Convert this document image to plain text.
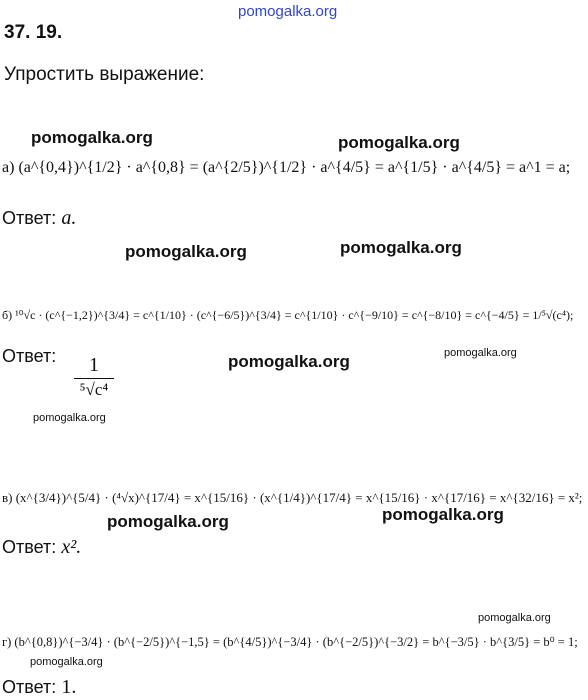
pomogalka.org
37. 19.
Упростить выражение:
pomogalka.org	pomogalka.org
а) (a^{0,4})^{1/2} · a^{0,8} = (a^{2/5})^{1/2} · a^{4/5} = a^{1/5} · a^{4/5} = a^1 = a;
Ответ: a.
pomogalka.org	pomogalka.org
б) ¹⁰√c · (c^{−1,2})^{3/4} = c^{1/10} · (c^{−6/5})^{3/4} = c^{1/10} · c^{−9/10} = c^{−8/10} = c^{−4/5} = 1/⁵√(c⁴);
pomogalka.org
pomogalka.org
Ответ:	1
⁵√c⁴
pomogalka.org
в) (x^{3/4})^{5/4} · (⁴√x)^{17/4} = x^{15/16} · (x^{1/4})^{17/4} = x^{15/16} · x^{17/16} = x^{32/16} = x²;
pomogalka.org	pomogalka.org
Ответ: x².
pomogalka.org
г) (b^{0,8})^{−3/4} · (b^{−2/5})^{−1,5} = (b^{4/5})^{−3/4} · (b^{−2/5})^{−3/2} = b^{−3/5} · b^{3/5} = b⁰ = 1;
pomogalka.org
Ответ: 1.
